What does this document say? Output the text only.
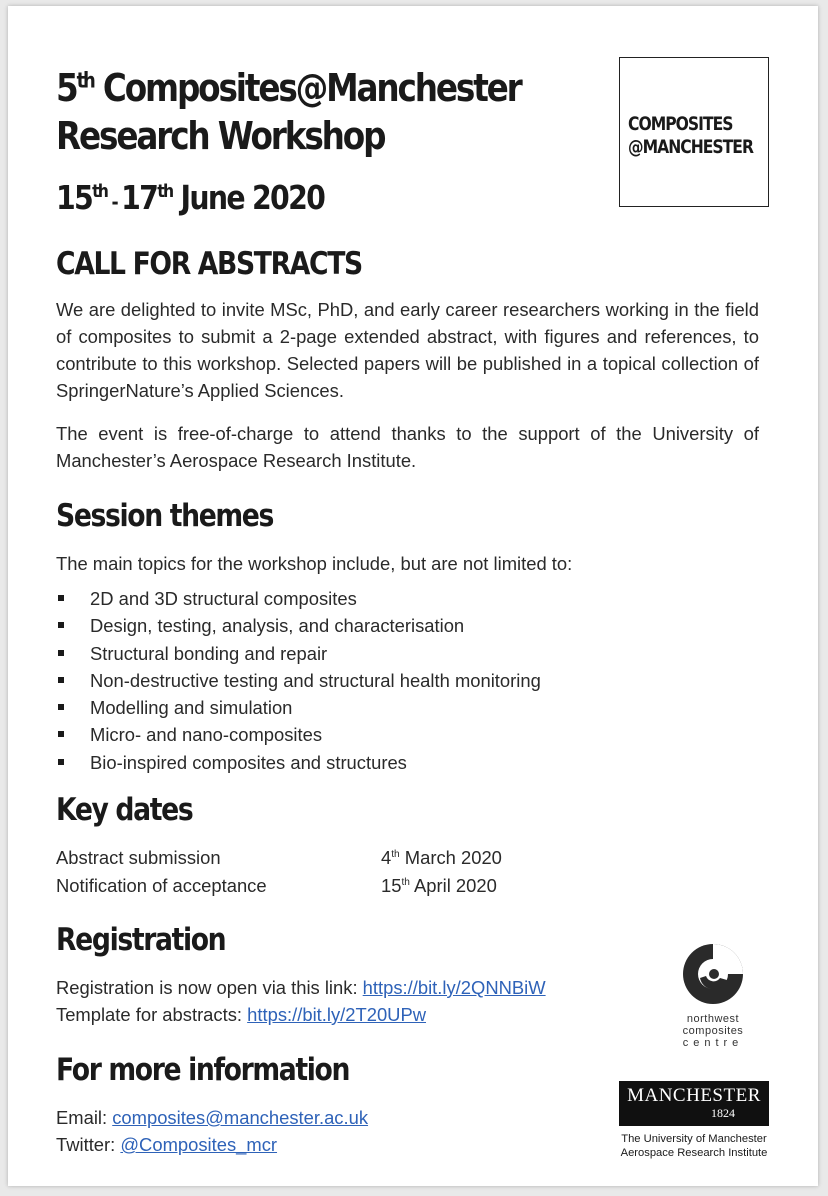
5th Composites@Manchester
Research Workshop
15th - 17th June 2020
COMPOSITES
@MANCHESTER
CALL FOR ABSTRACTS
We are delighted to invite MSc, PhD, and early career researchers working in the field of composites to submit a 2-page extended abstract, with figures and references, to contribute to this workshop. Selected papers will be published in a topical collection of SpringerNature’s Applied Sciences.
The event is free-of-charge to attend thanks to the support of the University of Manchester’s Aerospace Research Institute.
Session themes
The main topics for the workshop include, but are not limited to:
2D and 3D structural composites
Design, testing, analysis, and characterisation
Structural bonding and repair
Non-destructive testing and structural health monitoring
Modelling and simulation
Micro- and nano-composites
Bio-inspired composites and structures
Key dates
Abstract submission	4th March 2020
Notification of acceptance	15th April 2020
Registration
Registration is now open via this link: https://bit.ly/2QNNBiW
Template for abstracts: https://bit.ly/2T20UPw
For more information
Email: composites@manchester.ac.uk
Twitter: @Composites_mcr
northwest
composites
centre
MANCHESTER
1824
The University of Manchester
Aerospace Research Institute
